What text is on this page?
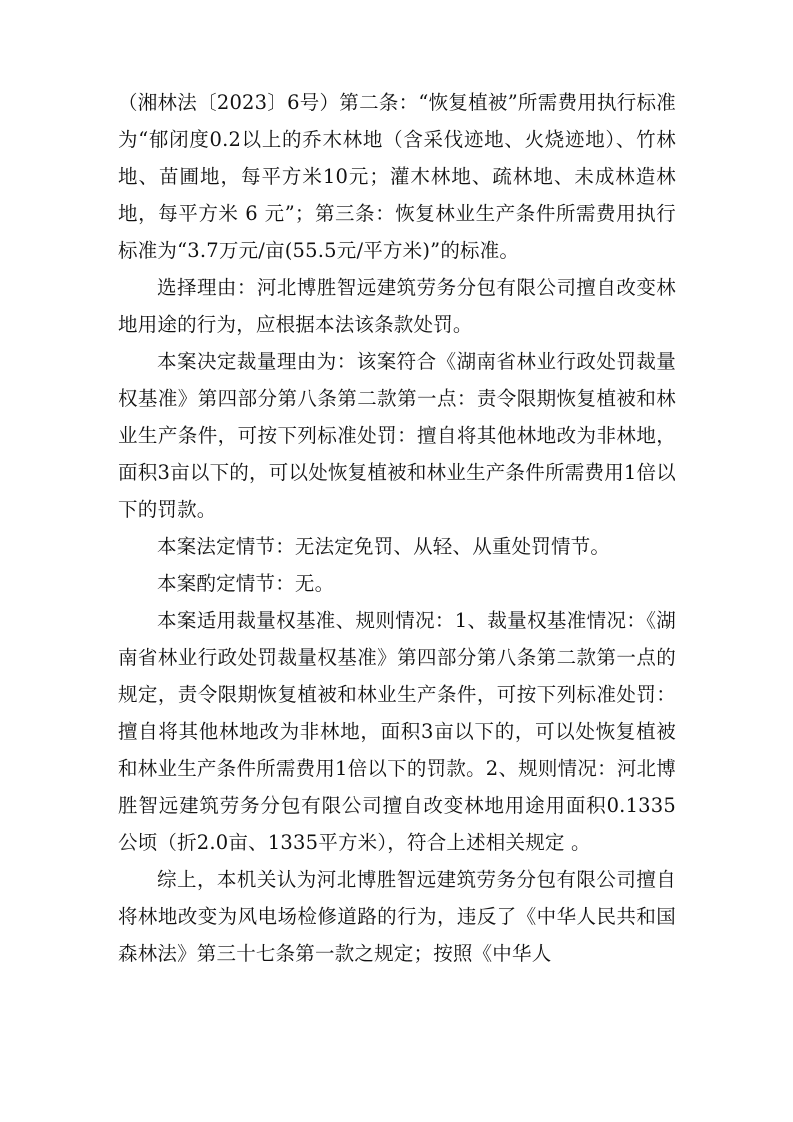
（湘林法〔2023〕6号）第二条：“恢复植被”所需费用执行标准为“郁闭度0.2以上的乔木林地（含采伐迹地、火烧迹地）、竹林地、苗圃地，每平方米10元；灌木林地、疏林地、未成林造林地，每平方米 6 元”；第三条：恢复林业生产条件所需费用执行标准为“3.7万元/亩(55.5元/平方米)”的标准。

选择理由：河北博胜智远建筑劳务分包有限公司擅自改变林地用途的行为，应根据本法该条款处罚。

本案决定裁量理由为：该案符合《湖南省林业行政处罚裁量权基准》第四部分第八条第二款第一点：责令限期恢复植被和林业生产条件，可按下列标准处罚：擅自将其他林地改为非林地，面积3亩以下的，可以处恢复植被和林业生产条件所需费用1倍以下的罚款。

本案法定情节：无法定免罚、从轻、从重处罚情节。

本案酌定情节：无。

本案适用裁量权基准、规则情况：1、裁量权基准情况：《湖南省林业行政处罚裁量权基准》第四部分第八条第二款第一点的规定，责令限期恢复植被和林业生产条件，可按下列标准处罚：擅自将其他林地改为非林地，面积3亩以下的，可以处恢复植被和林业生产条件所需费用1倍以下的罚款。2、规则情况：河北博胜智远建筑劳务分包有限公司擅自改变林地用途用面积0.1335公顷（折2.0亩、1335平方米），符合上述相关规定 。

综上，本机关认为河北博胜智远建筑劳务分包有限公司擅自将林地改变为风电场检修道路的行为，违反了《中华人民共和国森林法》第三十七条第一款之规定；按照《中华人
